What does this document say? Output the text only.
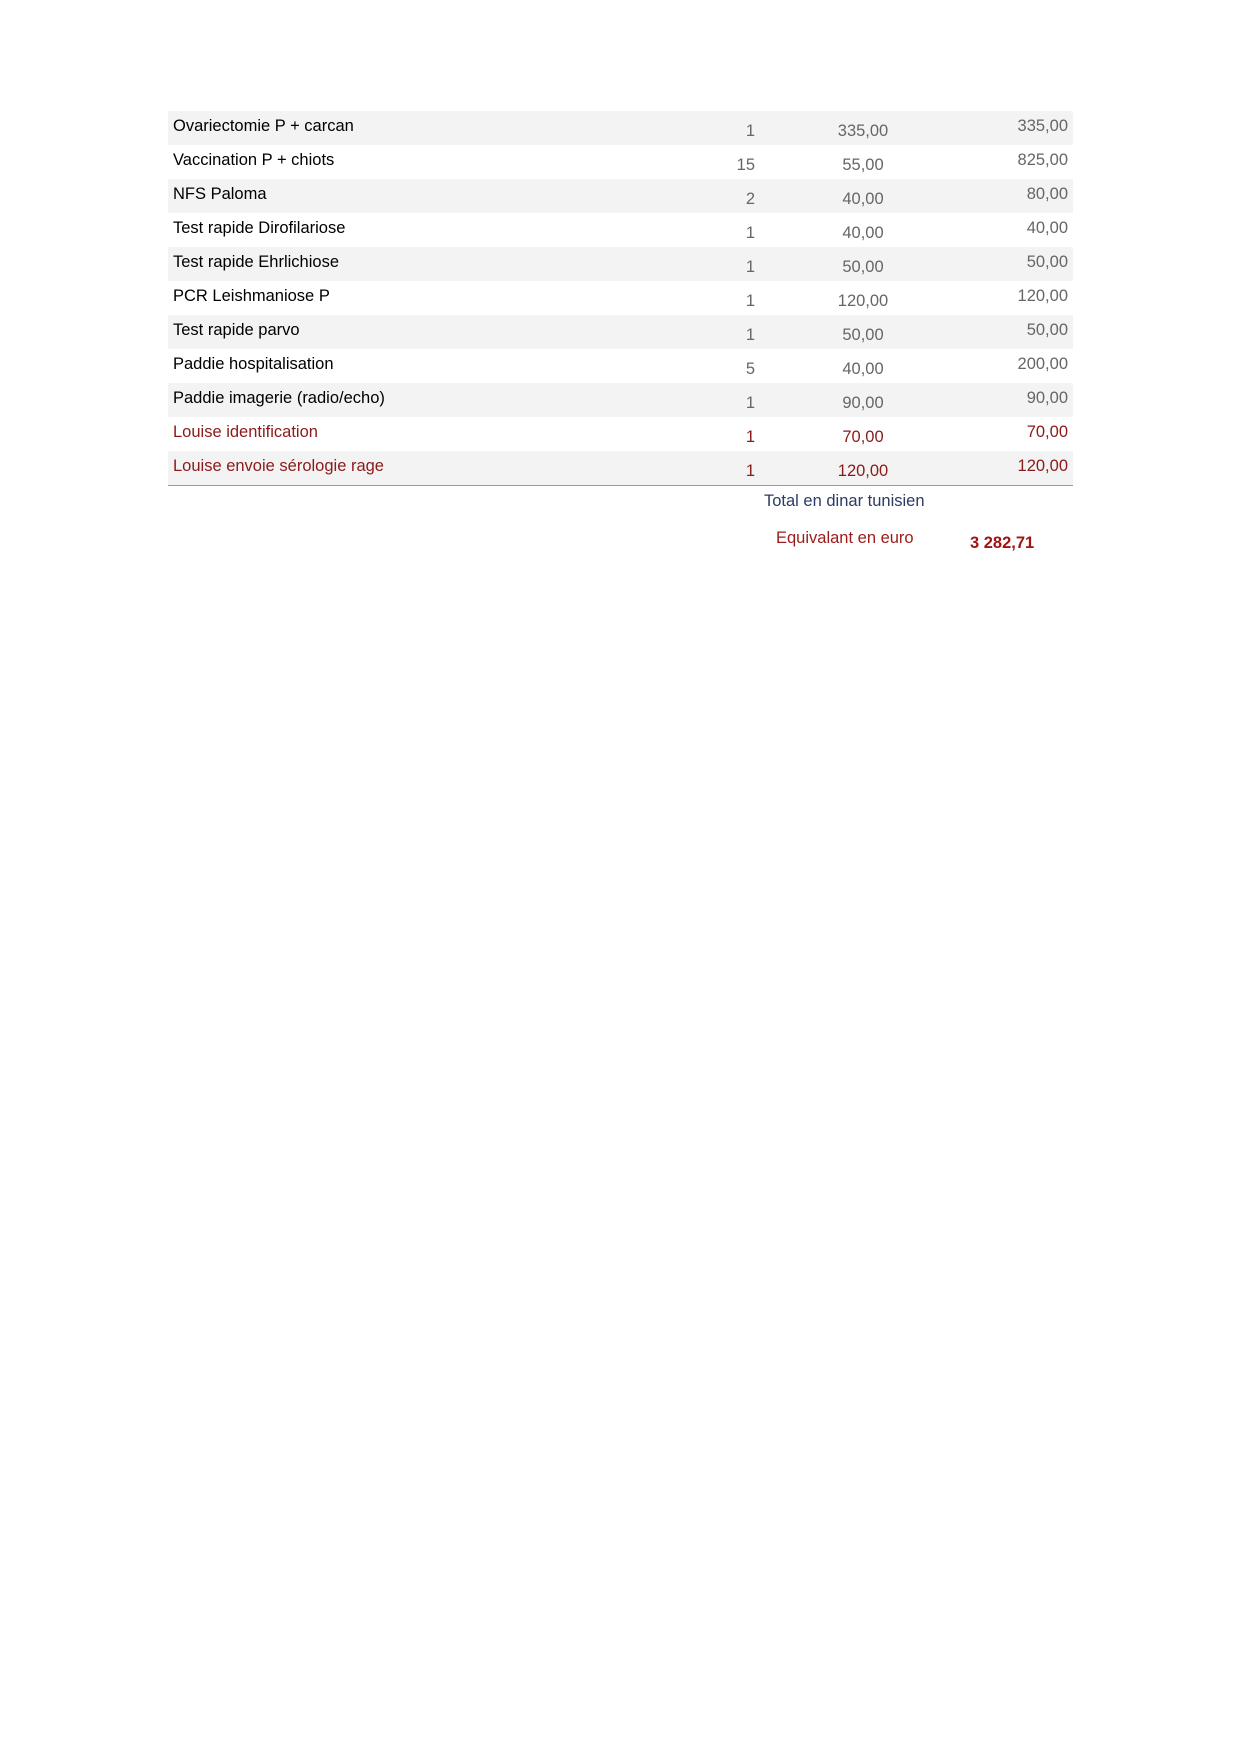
Ovariectomie P + carcan	1	335,00	335,00
Vaccination P + chiots	15	55,00	825,00
NFS Paloma	2	40,00	80,00
Test rapide Dirofilariose	1	40,00	40,00
Test rapide Ehrlichiose	1	50,00	50,00
PCR Leishmaniose P	1	120,00	120,00
Test rapide parvo	1	50,00	50,00
Paddie hospitalisation	5	40,00	200,00
Paddie imagerie (radio/echo)	1	90,00	90,00
Louise identification	1	70,00	70,00
Louise envoie sérologie rage	1	120,00	120,00
Total en dinar tunisien
Equivalant en euro	3 282,71
